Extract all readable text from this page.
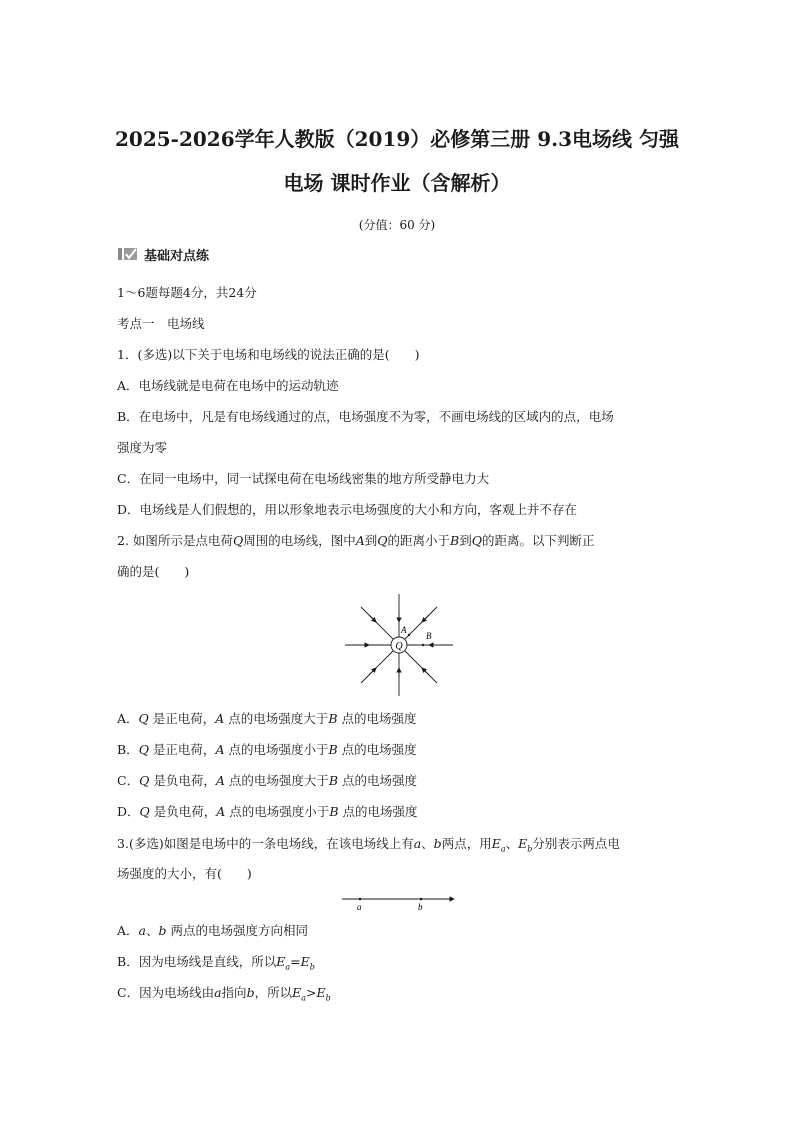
2025-2026学年人教版（2019）必修第三册 9.3电场线 匀强
电场 课时作业（含解析）
(分值：60 分)
基础对点练
1～6题每题4分，共24分
考点一　电场线
1．(多选)以下关于电场和电场线的说法正确的是(　　)
A．电场线就是电荷在电场中的运动轨迹
B．在电场中，凡是有电场线通过的点，电场强度不为零，不画电场线的区域内的点，电场
强度为零
C．在同一电场中，同一试探电荷在电场线密集的地方所受静电力大
D．电场线是人们假想的，用以形象地表示电场强度的大小和方向，客观上并不存在
2. 如图所示是点电荷Q周围的电场线，图中A到Q的距离小于B到Q的距离。以下判断正
确的是(　　)
Q
A
B
A．Q 是正电荷，A 点的电场强度大于B 点的电场强度
B．Q 是正电荷，A 点的电场强度小于B 点的电场强度
C．Q 是负电荷，A 点的电场强度大于B 点的电场强度
D．Q 是负电荷，A 点的电场强度小于B 点的电场强度
3.(多选)如图是电场中的一条电场线，在该电场线上有a、b两点，用$E_a$、$E_b$分别表示两点电
场强度的大小，有(　　)
a	b
A．a、b 两点的电场强度方向相同
B．因为电场线是直线，所以$E_a=E_b$
C．因为电场线由a指向b，所以$E_a>E_b$
